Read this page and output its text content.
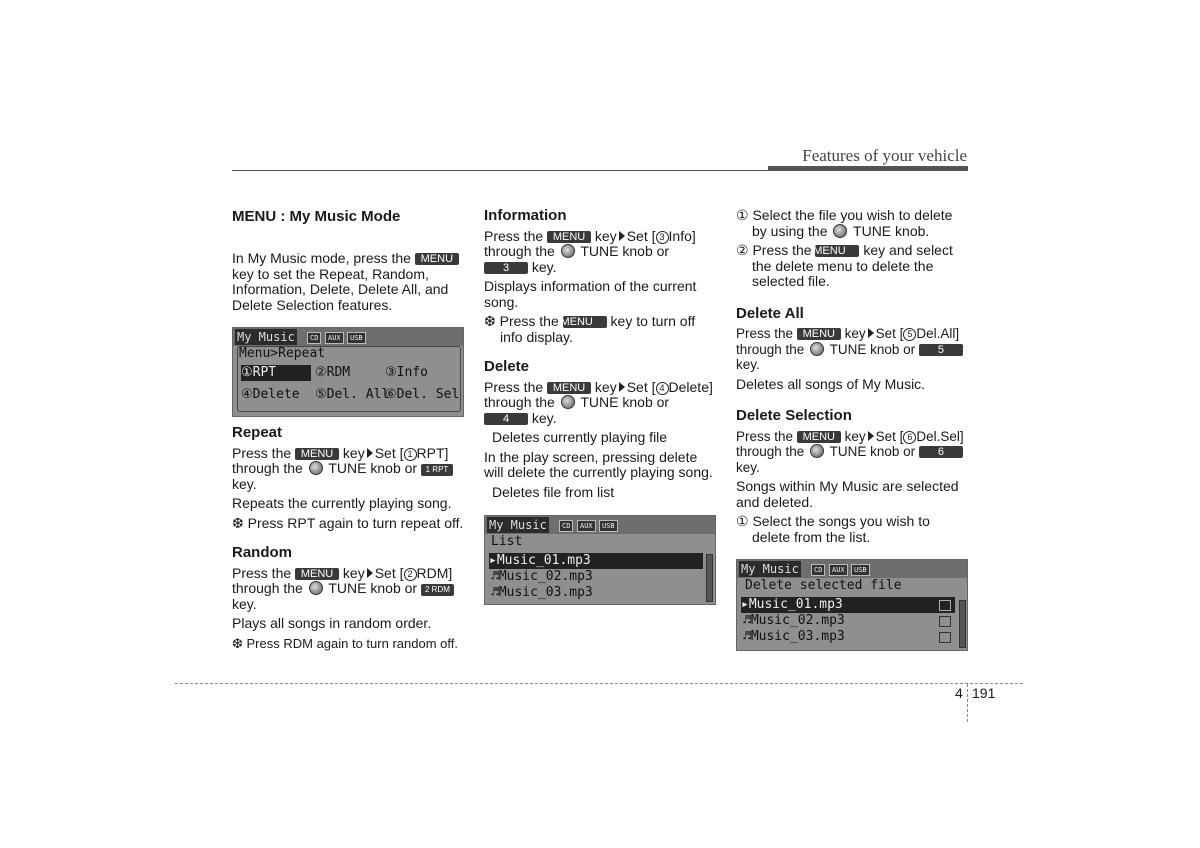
Features of your vehicle
MENU : My Music Mode

In My Music mode, press the MENU key to set the Repeat, Random, Information, Delete, Delete All, and Delete Selection features.

My Music	CD	AUX	USB
Menu>Repeat
①RPT	②RDM	③Info
④Delete ⑤Del. All
⑥Del. Sel
Repeat

Press the MENU key Set [ 1 RPT] through the TUNE knob or 1 RPT key.

Repeats the currently playing song.

❆ Press RPT again to turn repeat off.

Random

Press the MENU key Set [ 2 RDM] through the TUNE knob or 2 RDM key.

Plays all songs in random order.

❆ Press RDM again to turn random off.

Information

Press the MENU key Set [ 3 Info] through the TUNE knob or 3 key.

Displays information of the current song.

❆ Press the MENU key to turn off info display.

Delete

Press the MENU key Set [ 4 Delete] through the TUNE knob or 4 key.

Deletes currently playing file

In the play screen, pressing delete will delete the currently playing song.

Deletes file from list

My Music	CD	AUX	USB
List
▸Music_01.mp3
♬Music_02.mp3
♬Music_03.mp3

① Select the file you wish to delete by using the TUNE knob.

② Press the MENU key and select the delete menu to delete the selected file.

Delete All

Press the MENU key Set [ 5 Del.All] through the TUNE knob or 5 key.

Deletes all songs of My Music.

Delete Selection

Press the MENU key Set [ 6 Del.Sel] through the TUNE knob or 6 key.

Songs within My Music are selected and deleted.

① Select the songs you wish to delete from the list.

My Music	CD	AUX	USB
Delete selected file
▸Music_01.mp3
♬Music_02.mp3
♬Music_03.mp3
4 191
